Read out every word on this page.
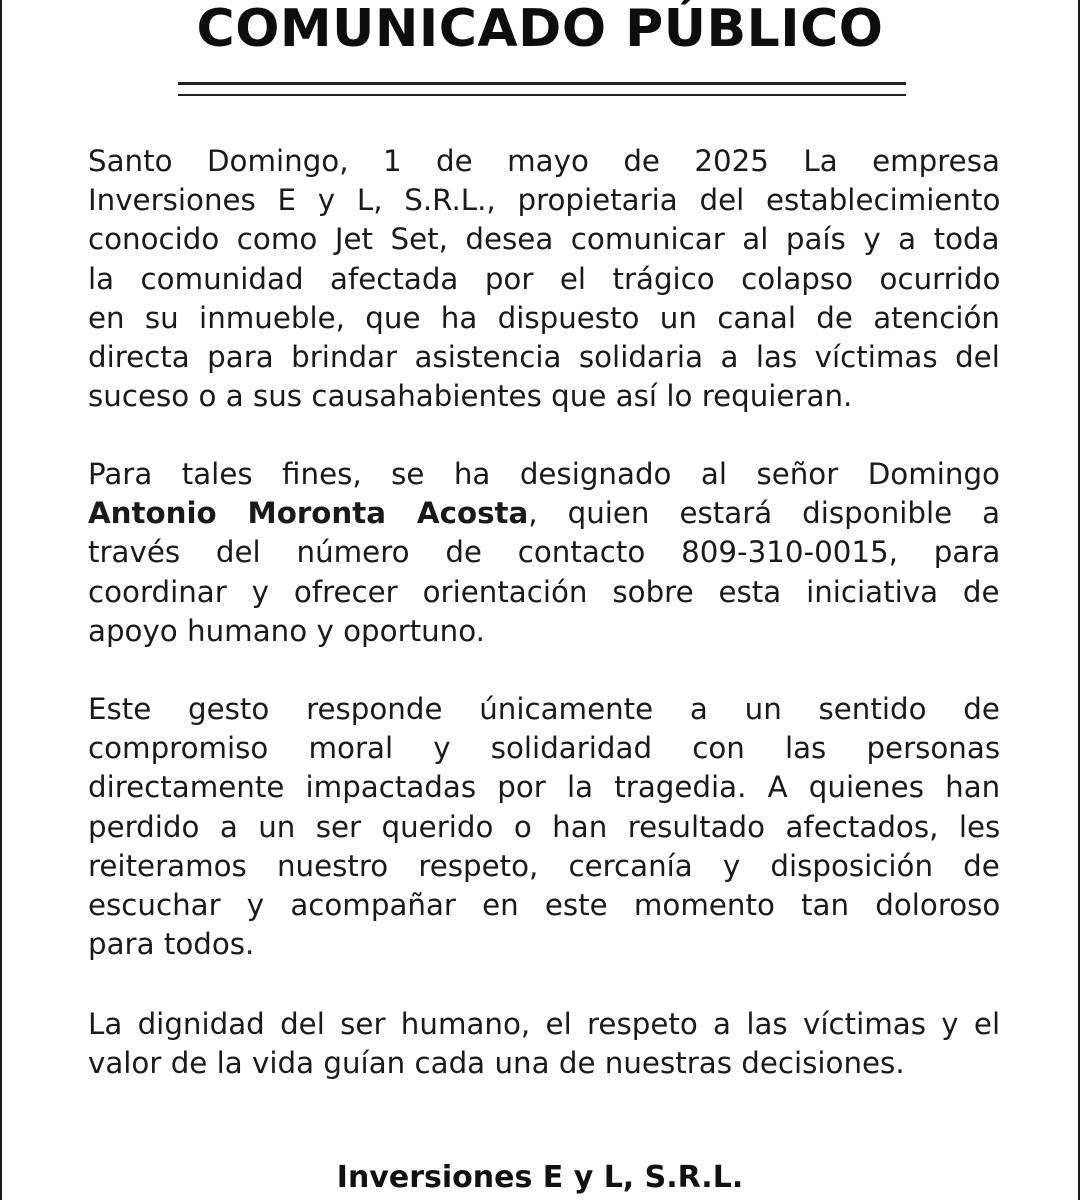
COMUNICADO PÚBLICO
Santo Domingo, 1 de mayo de 2025 La empresa
Inversiones E y L, S.R.L., propietaria del establecimiento
conocido como Jet Set, desea comunicar al país y a toda
la comunidad afectada por el trágico colapso ocurrido
en su inmueble, que ha dispuesto un canal de atención
directa para brindar asistencia solidaria a las víctimas del
suceso o a sus causahabientes que así lo requieran.
Para tales fines, se ha designado al señor Domingo
Antonio Moronta Acosta, quien estará disponible a
través del número de contacto 809-310-0015, para
coordinar y ofrecer orientación sobre esta iniciativa de
apoyo humano y oportuno.
Este gesto responde únicamente a un sentido de
compromiso moral y solidaridad con las personas
directamente impactadas por la tragedia. A quienes han
perdido a un ser querido o han resultado afectados, les
reiteramos nuestro respeto, cercanía y disposición de
escuchar y acompañar en este momento tan doloroso
para todos.
La dignidad del ser humano, el respeto a las víctimas y el
valor de la vida guían cada una de nuestras decisiones.

Inversiones E y L, S.R.L.
